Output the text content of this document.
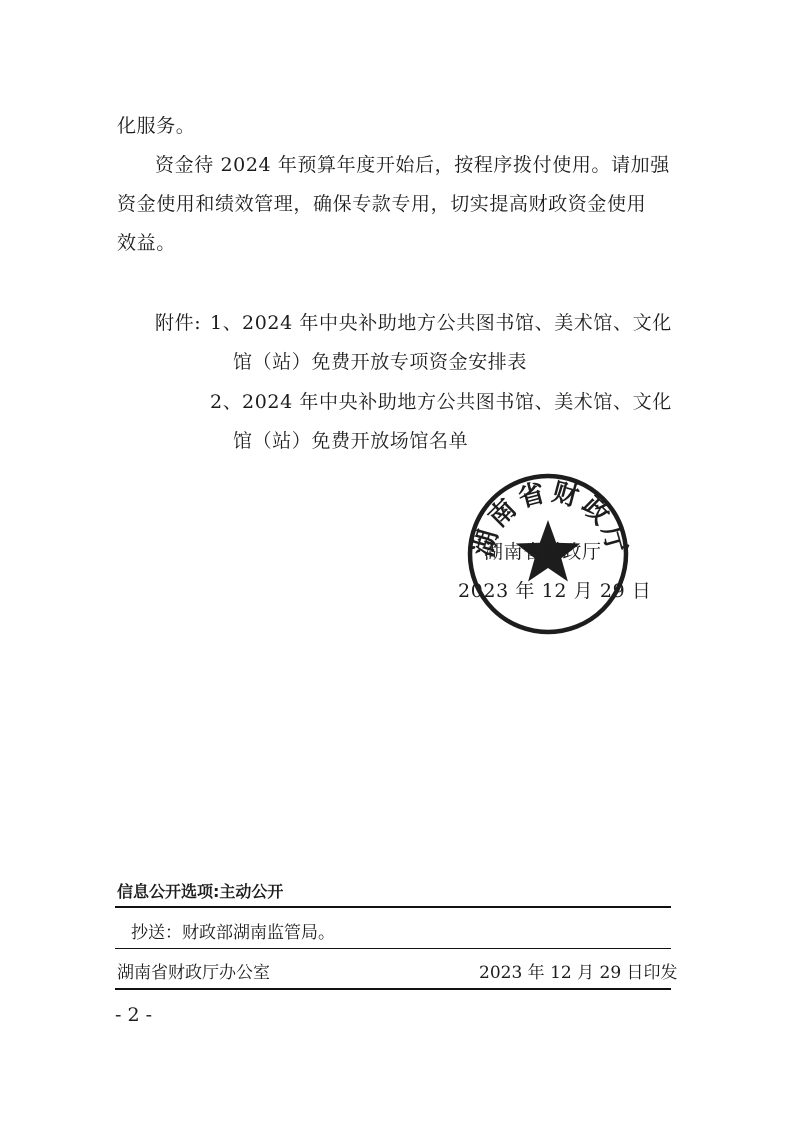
化服务。
资金待 2024 年预算年度开始后，按程序拨付使用。请加强
资金使用和绩效管理，确保专款专用，切实提高财政资金使用
效益。
附件: 1、 2024 年中央补助地方公共图书馆、美术馆、文化
馆（站）免费开放专项资金安排表
2、 2024 年中央补助地方公共图书馆、美术馆、文化
馆（站）免费开放场馆名单
湖南省财政厅
湖南省财政厅
2023 年 12 月 29 日
信息公开选项:主动公开
抄送：财政部湖南监管局。
湖南省财政厅办公室	2023 年 12 月 29 日印发
- 2 -
